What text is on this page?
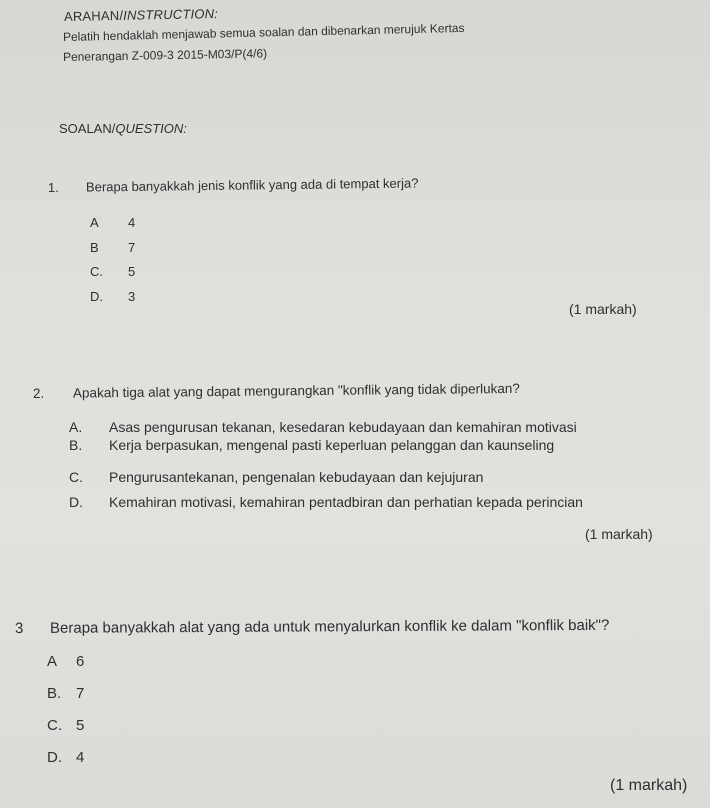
ARAHAN/INSTRUCTION:
Pelatih hendaklah menjawab semua soalan dan dibenarkan merujuk Kertas
Penerangan Z-009-3 2015-M03/P(4/6)
SOALAN/QUESTION:
1. Berapa banyakkah jenis konflik yang ada di tempat kerja?
A 4
B 7
C. 5
D. 3
(1 markah)
2. Apakah tiga alat yang dapat mengurangkan "konflik yang tidak diperlukan?
A. Asas pengurusan tekanan, kesedaran kebudayaan dan kemahiran motivasi
B. Kerja berpasukan, mengenal pasti keperluan pelanggan dan kaunseling
C. Pengurusantekanan, pengenalan kebudayaan dan kejujuran
D. Kemahiran motivasi, kemahiran pentadbiran dan perhatian kepada perincian
(1 markah)
3 Berapa banyakkah alat yang ada untuk menyalurkan konflik ke dalam "konflik baik"?
A 6
B. 7
C. 5
D. 4
(1 markah)
